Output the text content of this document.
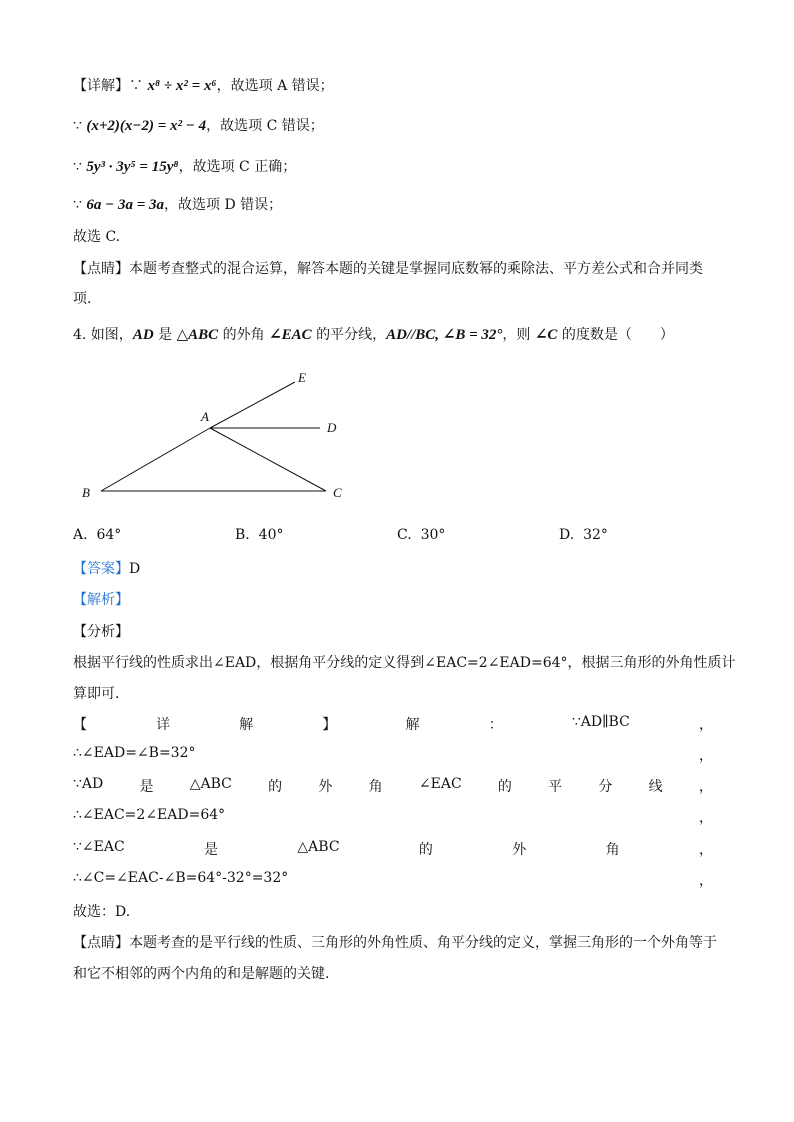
【详解】∵ x⁸ ÷ x² = x⁶，故选项 A 错误；
∵ (x+2)(x−2) = x² − 4，故选项 C 错误；
∵ 5y³ · 3y⁵ = 15y⁸，故选项 C 正确；
∵ 6a − 3a = 3a，故选项 D 错误；
故选 C.
【点睛】本题考查整式的混合运算，解答本题的关键是掌握同底数幂的乘除法、平方差公式和合并同类
项.
4. 如图，AD 是 △ABC 的外角 ∠EAC 的平分线，AD//BC, ∠B = 32°，则 ∠C 的度数是（　　）
E
A
D
B	C
A. 64°	B. 40°	C. 30°	D. 32°
【答案】D
【解析】
【分析】
根据平行线的性质求出∠EAD，根据角平分线的定义得到∠EAC=2∠EAD=64°，根据三角形的外角性质计
算即可.
【	详	解	】	解	：	∵AD∥BC	，
∴∠EAD=∠B=32°	，
∵AD	是	△ABC	的	外	角	∠EAC	的	平	分	线	，
∴∠EAC=2∠EAD=64°	，
∵∠EAC	是	△ABC	的	外	角	，
∴∠C=∠EAC-∠B=64°-32°=32°	，
故选：D.
【点睛】本题考查的是平行线的性质、三角形的外角性质、角平分线的定义，掌握三角形的一个外角等于
和它不相邻的两个内角的和是解题的关键.
